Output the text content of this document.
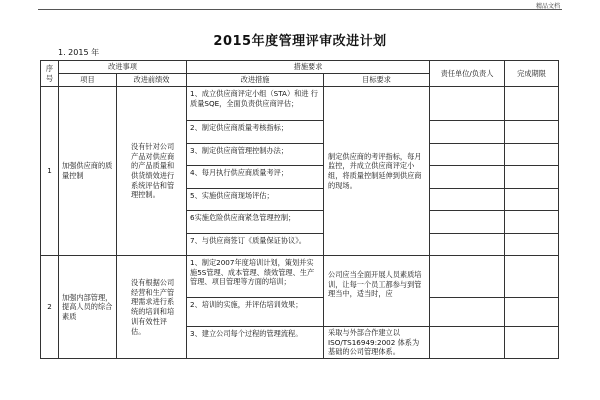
精品文档
2015年度管理评审改进计划
1. 2015 年
序号	改进事项		措施要求		责任单位/负责人	完成期限
	项目	改进前绩效	改进措施	目标要求		
1	加强供应商的质量控制	没有针对公司产品对供应商的产品质量和供货绩效进行系统评估和管理控制。	1、成立供应商评定小组（STA）和进 行质量SQE，全面负责供应商评估；	制定供应商的考评指标，每月监控，并成立供应商评定小组，将质量控制延伸到供应商的现场。		
			2、制定供应商质量考核指标；			
			3、制定供应商管理控制办法；			
			4、每月执行供应商质量考评；			
			5、实施供应商现场评估；			
			6实施危险供应商紧急管理控制；			
			7、与供应商签订《质量保证协议》。			
2	加强内部管理，提高人员的综合素质	没有根据公司经营和生产管理需求进行系统的培训和培训有效性评估。	1、制定2007年度培训计划，策划并实施5S管理、成本管理、绩效管理、生产管理、项目管理等方面的培训；	公司应当全面开展人员素质培训，让每一个员工都参与到管理当中，适当时，应		
			2、培训的实施，并评估培训效果；			
			3、建立公司每个过程的管理流程。	采取与外部合作建立以ISO/TS16949:2002 体系为基础的公司管理体系。		
